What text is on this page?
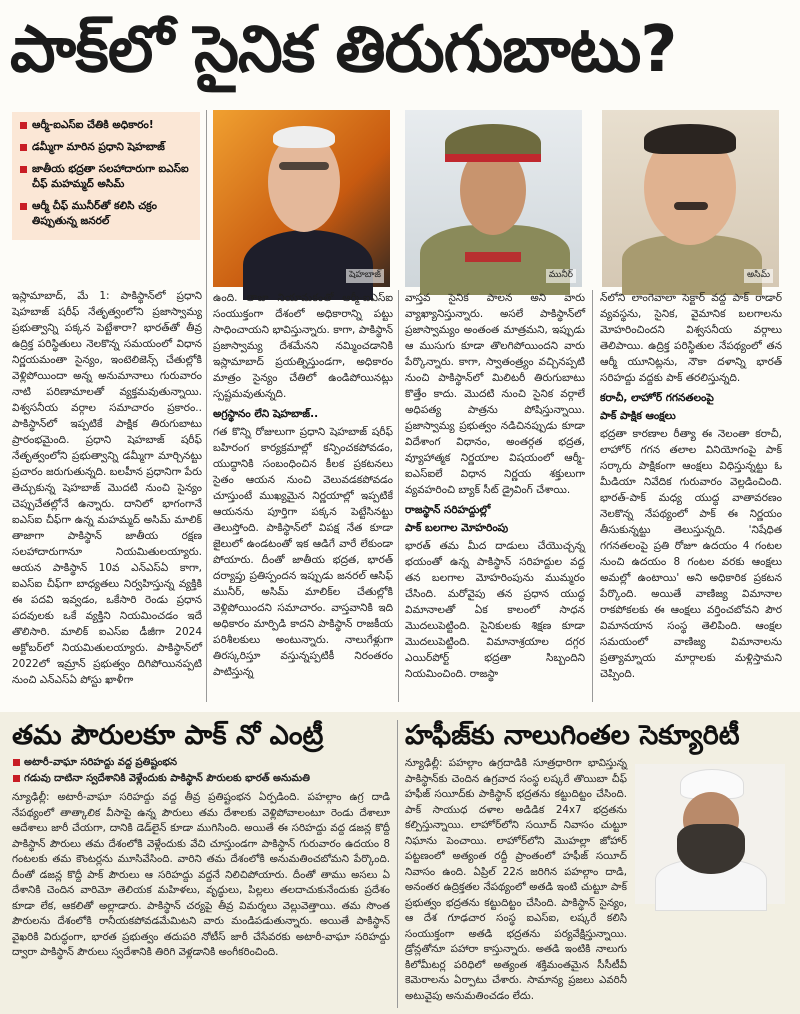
పాక్‌లో సైనిక తిరుగుబాటు?
ఆర్మీ-ఐఎస్ఐ చేతికి అధికారం!
డమ్మీగా మారిన ప్రధాని షెహబాజ్
జాతీయ భద్రతా సలహాదారుగా ఐఎస్ఐ చీఫ్ మహమ్మద్ అసిమ్
ఆర్మీ చీఫ్ మునీర్‌తో కలిసి చక్రం తిప్పుతున్న జనరల్
షెహబాజ్	మునీర్	అసిమ్

ఇస్లామాబాద్, మే 1: పాకిస్థాన్‌లో ప్రధాని షెహబాజ్ షరీఫ్ నేతృత్వంలోని ప్రజాస్వామ్య ప్రభుత్వాన్ని పక్కన పెట్టేశారా? భారత్‌తో తీవ్ర ఉద్రిక్త పరిస్థితులు నెలకొన్న సమయంలో విధాన నిర్ణయమంతా సైన్యం, ఇంటెలిజెన్స్ చేతుల్లోకి వెళ్లిపోయిందా అన్న అనుమానాలు గురువారం నాటి పరిణామాలతో వ్యక్తమవుతున్నాయి. విశ్వసనీయ వర్గాల సమాచారం ప్రకారం.. పాకిస్థాన్‌లో ఇప్పటికే పాక్షిక తిరుగుబాటు ప్రారంభమైంది. ప్రధాని షెహబాజ్ షరీఫ్ నేతృత్వంలోని ప్రభుత్వాన్ని డమ్మీగా మార్చినట్టు ప్రచారం జరుగుతున్నది. బలహీన ప్రధానిగా పేరు తెచ్చుకున్న షెహబాజ్ మొదటి నుంచి సైన్యం చెప్పుచేతల్లోనే ఉన్నారు. దానిలో భాగంగానే ఐఎస్ఐ చీఫ్‌గా ఉన్న మహమ్మద్ అసిమ్ మాలిక్ తాజాగా పాకిస్థాన్ జాతీయ రక్షణ సలహాదారుగానూ నియమితులయ్యారు. ఆయన పాకిస్థాన్ 10వ ఎన్ఎస్ఏ కాగా, ఐఎస్ఐ చీఫ్‌గా బాధ్యతలు నిర్వహిస్తున్న వ్యక్తికి ఈ పదవి ఇవ్వడం, ఒకేసారి రెండు ప్రధాన పదవులకు ఒకే వ్యక్తిని నియమించడం ఇదే తొలిసారి. మాలిక్ ఐఎస్ఐ డీజీగా 2024 అక్టోబర్‌లో నియమితులయ్యారు. పాకిస్థాన్‌లో 2022లో ఇమ్రాన్ ప్రభుత్వం దిగిపోయినప్పటి నుంచి ఎన్ఎస్ఏ పోస్టు ఖాళీగా

ఉంది. తాజా నియామకంతో ఆర్మీ-ఐఎస్ఐ సంయుక్తంగా దేశంలో అధికారాన్ని పట్టు సాధించాయని భావిస్తున్నారు. కాగా, పాకిస్థాన్ ప్రజాస్వామ్య దేశమేనని నమ్మించడానికి ఇస్లామాబాద్ ప్రయత్నిస్తుండగా, అధికారం మాత్రం సైన్యం చేతిలో ఉండిపోయినట్లు స్పష్టమవుతున్నది.

అగ్రస్థానం లేని షెహబాజ్..

గత కొన్ని రోజులుగా ప్రధాని షెహబాజ్ షరీఫ్ బహిరంగ కార్యక్రమాల్లో కన్పించకపోవడం, యుద్ధానికి సంబంధించిన కీలక ప్రకటనలు సైతం ఆయన నుంచి వెలువడకపోవడం చూస్తుంటే ముఖ్యమైన నిర్ణయాల్లో ఇప్పటికే ఆయనను పూర్తిగా పక్కన పెట్టేసినట్టు తెలుస్తోంది. పాకిస్థాన్‌లో విపక్ష నేత కూడా జైలులో ఉండటంతో ఇక ఆడిగే వారే లేకుండా పోయారు. దీంతో జాతీయ భద్రత, భారత్ దర్యాప్తు ప్రతిస్పందన ఇప్పుడు జనరల్ ఆసిఫ్ మునీర్, అసిమ్ మాలిక్‌ల చేతుల్లోకి వెళ్లిపోయిందని సమాచారం. వాస్తవానికి ఇది అధికారం మార్పిడి కాదని పాకిస్థాన్ రాజకీయ పరిశీలకులు అంటున్నారు. నాలుగేళ్లుగా తిరస్కరిస్తూ వస్తున్నప్పటికీ నిరంతరం పాటిస్తున్న

వాస్తవ సైనిక పాలన అని వారు వ్యాఖ్యానిస్తున్నారు. అసలే పాకిస్థాన్‌లో ప్రజాస్వామ్యం అంతంత మాత్రమని, ఇప్పుడు ఆ ముసుగు కూడా తొలగిపోయిందని వారు పేర్కొన్నారు. కాగా, స్వాతంత్ర్యం వచ్చినప్పటి నుంచి పాకిస్థాన్‌లో మిలిటరీ తిరుగుబాటు కొత్తేం కాదు. మొదటి నుంచి సైనిక వర్గాలే అధిపత్య పాత్రను పోషిస్తున్నాయి. ప్రజాస్వామ్య ప్రభుత్వం నడిచినప్పుడు కూడా విదేశాంగ విధానం, అంతర్గత భద్రత, వ్యూహాత్మక నిర్ణయాల విషయంలో ఆర్మీ-ఐఎస్ఐలే విధాన నిర్ణయ శక్తులుగా వ్యవహరించి బ్యాక్ సీట్ డ్రైవింగ్ చేశాయి.

రాజస్థాన్ సరిహద్దుల్లో
పాక్ బలగాల మోహరింపు

భారత్ తమ మీద దాడులు చేయొచ్చన్న భయంతో ఉన్న పాకిస్థాన్ సరిహద్దుల వద్ద తన బలగాల మోహరింపును ముమ్మరం చేసింది. మరోవైపు తన ప్రధాన యుద్ధ విమానాలతో ఏక కాలంలో సాధన మొదలుపెట్టింది. సైనికులకు శిక్షణ కూడా మొదలుపెట్టింది. విమానాశ్రయాల దగ్గర ఎయిర్‌పోర్ట్ భద్రతా సిబ్బందిని నియమించింది. రాజస్థా

న్‌లోని లాంగెవాలా సెక్టార్ వద్ద పాక్ రాడార్ వ్యవస్థను, సైనిక, వైమానిక బలగాలను మోహరించిందని విశ్వసనీయ వర్గాలు తెలిపాయి. ఉద్రిక్త పరిస్థితుల నేపథ్యంలో తన ఆర్మీ యూనిట్లను, నౌకా దళాన్ని భారత్ సరిహద్దు వద్దకు పాక్ తరలిస్తున్నది.

కరాచీ, లాహోర్ గగనతలంపై
పాక్ పాక్షిక ఆంక్షలు

భద్రతా కారణాల రీత్యా ఈ నెలంతా కరాచీ, లాహోర్ గగన తలాల వినియోగంపై పాక్ సర్కారు పాక్షికంగా ఆంక్షలు విధిస్తున్నట్టు ఓ మీడియా నివేదిక గురువారం వెల్లడించింది. భారత్-పాక్ మధ్య యుద్ధ వాతావరణం నెలకొన్న నేపథ్యంలో పాక్ ఈ నిర్ణయం తీసుకున్నట్టు తెలుస్తున్నది. 'నిషేధిత గగనతలంపై ప్రతి రోజూ ఉదయం 4 గంటల నుంచి ఉదయం 8 గంటల వరకు ఆంక్షలు అమల్లో ఉంటాయి' అని అధికారిక ప్రకటన పేర్కొంది. అయితే వాణిజ్య విమానాల రాకపోకలకు ఈ ఆంక్షలు వర్తించబోవని పౌర విమానయాన సంస్థ తెలిపింది. ఆంక్షల సమయంలో వాణిజ్య విమానాలను ప్రత్యామ్నాయ మార్గాలకు మళ్లిస్తామని చెప్పింది.

తమ పౌరులకూ పాక్ నో ఎంట్రీ
అటారీ-వాఘా సరిహద్దు వద్ద ప్రతిష్టంభన
గడువు దాటినా స్వదేశానికి వెళ్లేందుకు పాకిస్థాన్ పౌరులకు భారత్ అనుమతి
న్యూఢిల్లీ: అటారీ-వాఘా సరిహద్దు వద్ద తీవ్ర ప్రతిష్టంభన ఏర్పడింది. పహల్గాం ఉగ్ర దాడి నేపథ్యంలో తాత్కాలిక వీసాపై ఉన్న పౌరులు తమ దేశాలకు వెళ్లిపోవాలంటూ రెండు దేశాలూ ఆదేశాలు జారీ చేయగా, దానికి డెడ్‌లైన్ కూడా ముగిసింది. అయితే ఈ సరిహద్దు వద్ద డజన్ల కొద్దీ పాకిస్థాన్ పౌరులు తమ దేశంలోకి వెళ్లేందుకు వేచి చూస్తుండగా పాకిస్థాన్ గురువారం ఉదయం 8 గంటలకు తమ కౌంటర్లను మూసివేసింది. వారిని తమ దేశంలోకి అనుమతించబోమని పేర్కొంది. దీంతో డజన్ల కొద్దీ పాక్ పౌరులు ఆ సరిహద్దు వద్దనే నిలిచిపోయారు. దీంతో తాము అసలు ఏ దేశానికి చెందిన వారిమో తెలియక మహిళలు, వృద్ధులు, పిల్లలు తలదాచుకునేందుకు ప్రదేశం కూడా లేక, ఆకలితో అల్లాడారు. పాకిస్థాన్ చర్యపై తీవ్ర విమర్శలు వెల్లువెత్తాయి. తమ సొంత పౌరులను దేశంలోకి రానీయకపోవడమేమిటని వారు మండిపడుతున్నారు. అయితే పాకిస్థాన్ వైఖరికి విరుద్ధంగా, భారత ప్రభుత్వం తదుపరి నోటీస్ జారీ చేసేవరకు అటారీ-వాఘా సరిహద్దు ద్వారా పాకిస్థాన్ పౌరులు స్వదేశానికి తిరిగి వెళ్లడానికి అంగీకరించింది.
హఫీజ్‌కు నాలుగింతల సెక్యూరిటీ
న్యూఢిల్లీ: పహల్గాం ఉగ్రదాడికి సూత్రధారిగా భావిస్తున్న పాకిస్థాన్‌కు చెందిన ఉగ్రవాద సంస్థ లష్కరే తొయిబా చీఫ్ హఫీజ్ సయీద్‌కు పాకిస్థాన్ భద్రతను కట్టుదిట్టం చేసింది. పాక్ సాయుధ దళాల అడిడిక 24x7 భద్రతను కల్పిస్తున్నాయి. లాహోర్‌లోని సయీద్ నివాసం చుట్టూ నిఘాను పెంచాయి. లాహోర్‌లోని మొహల్లా జోహార్ పట్టణంలో అత్యంత రద్దీ ప్రాంతంలో హఫీజ్ సయీద్ నివాసం ఉంది. ఏప్రిల్ 22న జరిగిన పహల్గాం దాడి, అనంతర ఉద్రిక్తతల నేపథ్యంలో అతడి ఇంటి చుట్టూ పాక్ ప్రభుత్వం భద్రతను కట్టుదిట్టం చేసింది. పాకిస్థాన్ సైన్యం, ఆ దేశ గూఢచార సంస్థ ఐఎస్ఐ, లష్కరే కలిసి సంయుక్తంగా అతడి భద్రతను పర్యవేక్షిస్తున్నాయి. డ్రోన్లతోనూ పహారా కాస్తున్నారు. అతడి ఇంటికి నాలుగు కిలోమీటర్ల పరిధిలో అత్యంత శక్తిమంతమైన సీసీటీవీ కెమెరాలను ఏర్పాటు చేశారు. సామాన్య ప్రజలు ఎవరినీ అటువైపు అనుమతించడం లేదు.
